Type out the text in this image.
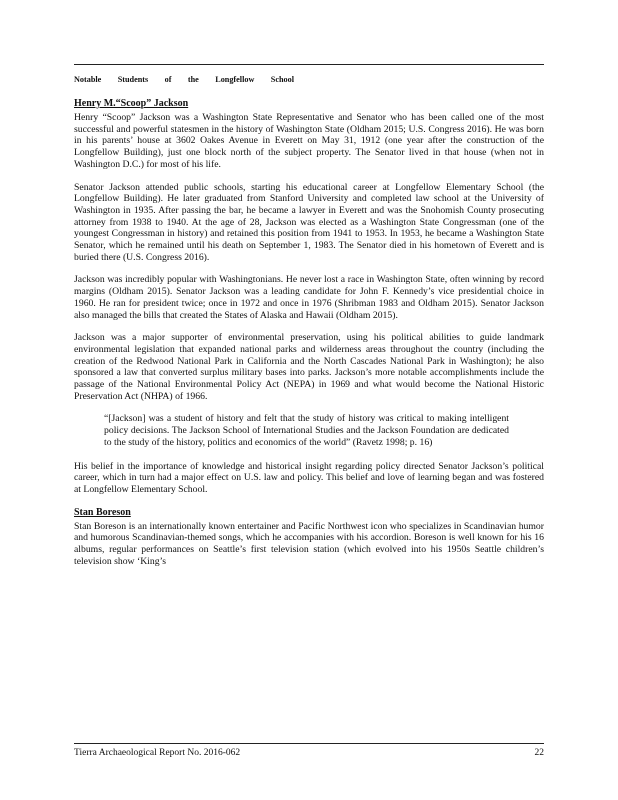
Notable Students of the Longfellow School
Henry M.“Scoop” Jackson

Henry “Scoop” Jackson was a Washington State Representative and Senator who has been called one of the most successful and powerful statesmen in the history of Washington State (Oldham 2015; U.S. Congress 2016). He was born in his parents’ house at 3602 Oakes Avenue in Everett on May 31, 1912 (one year after the construction of the Longfellow Building), just one block north of the subject property. The Senator lived in that house (when not in Washington D.C.) for most of his life.

Senator Jackson attended public schools, starting his educational career at Longfellow Elementary School (the Longfellow Building). He later graduated from Stanford University and completed law school at the University of Washington in 1935. After passing the bar, he became a lawyer in Everett and was the Snohomish County prosecuting attorney from 1938 to 1940. At the age of 28, Jackson was elected as a Washington State Congressman (one of the youngest Congressman in history) and retained this position from 1941 to 1953. In 1953, he became a Washington State Senator, which he remained until his death on September 1, 1983. The Senator died in his hometown of Everett and is buried there (U.S. Congress 2016).

Jackson was incredibly popular with Washingtonians. He never lost a race in Washington State, often winning by record margins (Oldham 2015). Senator Jackson was a leading candidate for John F. Kennedy’s vice presidential choice in 1960. He ran for president twice; once in 1972 and once in 1976 (Shribman 1983 and Oldham 2015). Senator Jackson also managed the bills that created the States of Alaska and Hawaii (Oldham 2015).

Jackson was a major supporter of environmental preservation, using his political abilities to guide landmark environmental legislation that expanded national parks and wilderness areas throughout the country (including the creation of the Redwood National Park in California and the North Cascades National Park in Washington); he also sponsored a law that converted surplus military bases into parks. Jackson’s more notable accomplishments include the passage of the National Environmental Policy Act (NEPA) in 1969 and what would become the National Historic Preservation Act (NHPA) of 1966.

“[Jackson] was a student of history and felt that the study of history was critical to making intelligent policy decisions. The Jackson School of International Studies and the Jackson Foundation are dedicated to the study of the history, politics and economics of the world” (Ravetz 1998; p. 16)

His belief in the importance of knowledge and historical insight regarding policy directed Senator Jackson’s political career, which in turn had a major effect on U.S. law and policy. This belief and love of learning began and was fostered at Longfellow Elementary School.

Stan Boreson

Stan Boreson is an internationally known entertainer and Pacific Northwest icon who specializes in Scandinavian humor and humorous Scandinavian-themed songs, which he accompanies with his accordion. Boreson is well known for his 16 albums, regular performances on Seattle’s first television station (which evolved into his 1950s Seattle children’s television show ‘King’s

Tierra Archaeological Report No. 2016-062	22
